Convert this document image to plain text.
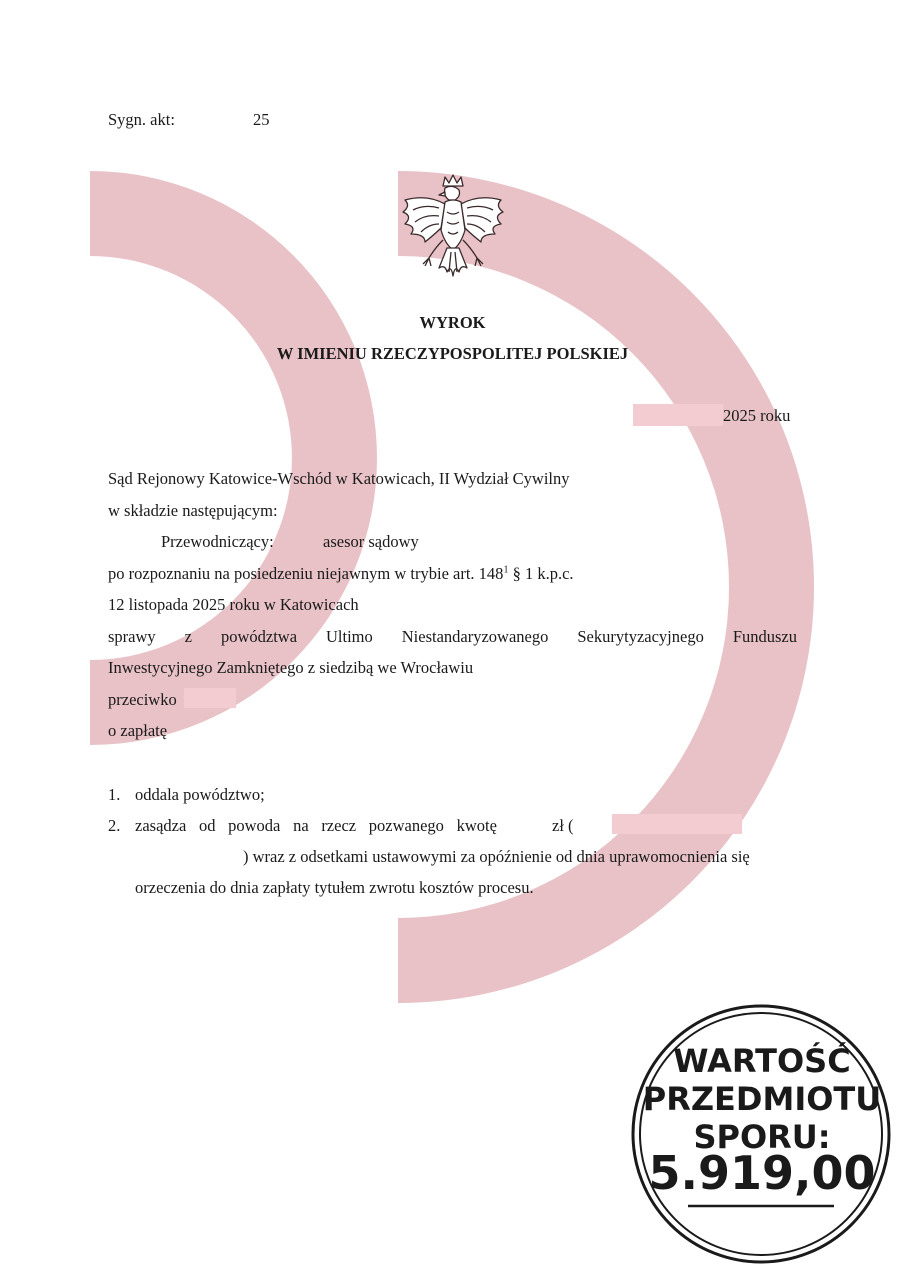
Sygn. akt:	25
WYROK
W IMIENIU RZECZYPOSPOLITEJ POLSKIEJ
2025 roku
Sąd Rejonowy Katowice-Wschód w Katowicach, II Wydział Cywilny
w składzie następującym:
Przewodniczący:	asesor sądowy
po rozpoznaniu na posiedzeniu niejawnym w trybie art. $148^1$ § 1 k.p.c.
12 listopada 2025 roku w Katowicach
sprawy z powództwa Ultimo Niestandaryzowanego Sekurytyzacyjnego Funduszu
Inwestycyjnego Zamkniętego z siedzibą we Wrocławiu
przeciwko
o zapłatę
1. oddala powództwo;
2. zasądza od powoda na rzecz pozwanego kwotę	zł (
) wraz z odsetkami ustawowymi za opóźnienie od dnia uprawomocnienia się
orzeczenia do dnia zapłaty tytułem zwrotu kosztów procesu.
WARTOŚĆ
PRZEDMIOTU
SPORU:
5.919,00
